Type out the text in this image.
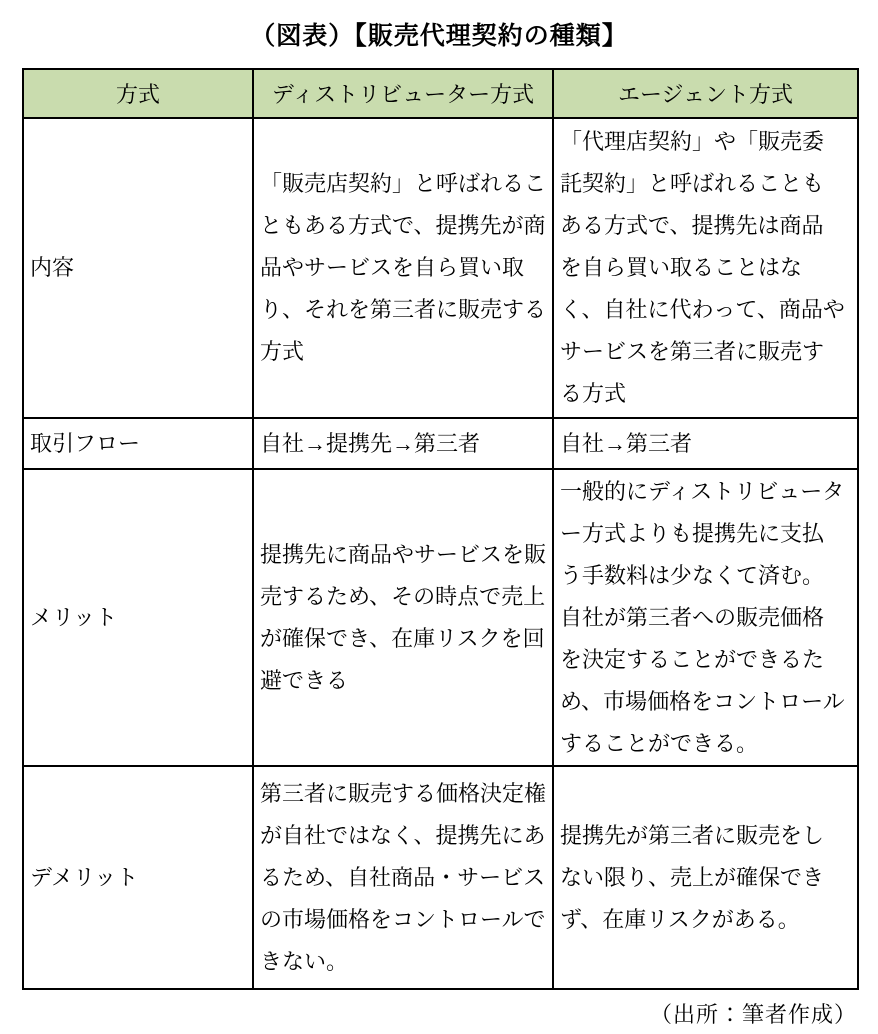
（図表）【販売代理契約の種類】
方式	ディストリビューター方式	エージェント方式
内容	「販売店契約」と呼ばれることもある方式で、提携先が商品やサービスを自ら買い取り、それを第三者に販売する方式	「代理店契約」や「販売委託契約」と呼ばれることもある方式で、提携先は商品を自ら買い取ることはなく、自社に代わって、商品やサービスを第三者に販売する方式
取引フロー	自社→提携先→第三者	自社→第三者
メリット	提携先に商品やサービスを販売するため、その時点で売上が確保でき、在庫リスクを回避できる	一般的にディストリビューター方式よりも提携先に支払う手数料は少なくて済む。自社が第三者への販売価格を決定することができるため、市場価格をコントロールすることができる。
デメリット	第三者に販売する価格決定権が自社ではなく、提携先にあるため、自社商品・サービスの市場価格をコントロールできない。	提携先が第三者に販売をしない限り、売上が確保できず、在庫リスクがある。
（出所：筆者作成）
